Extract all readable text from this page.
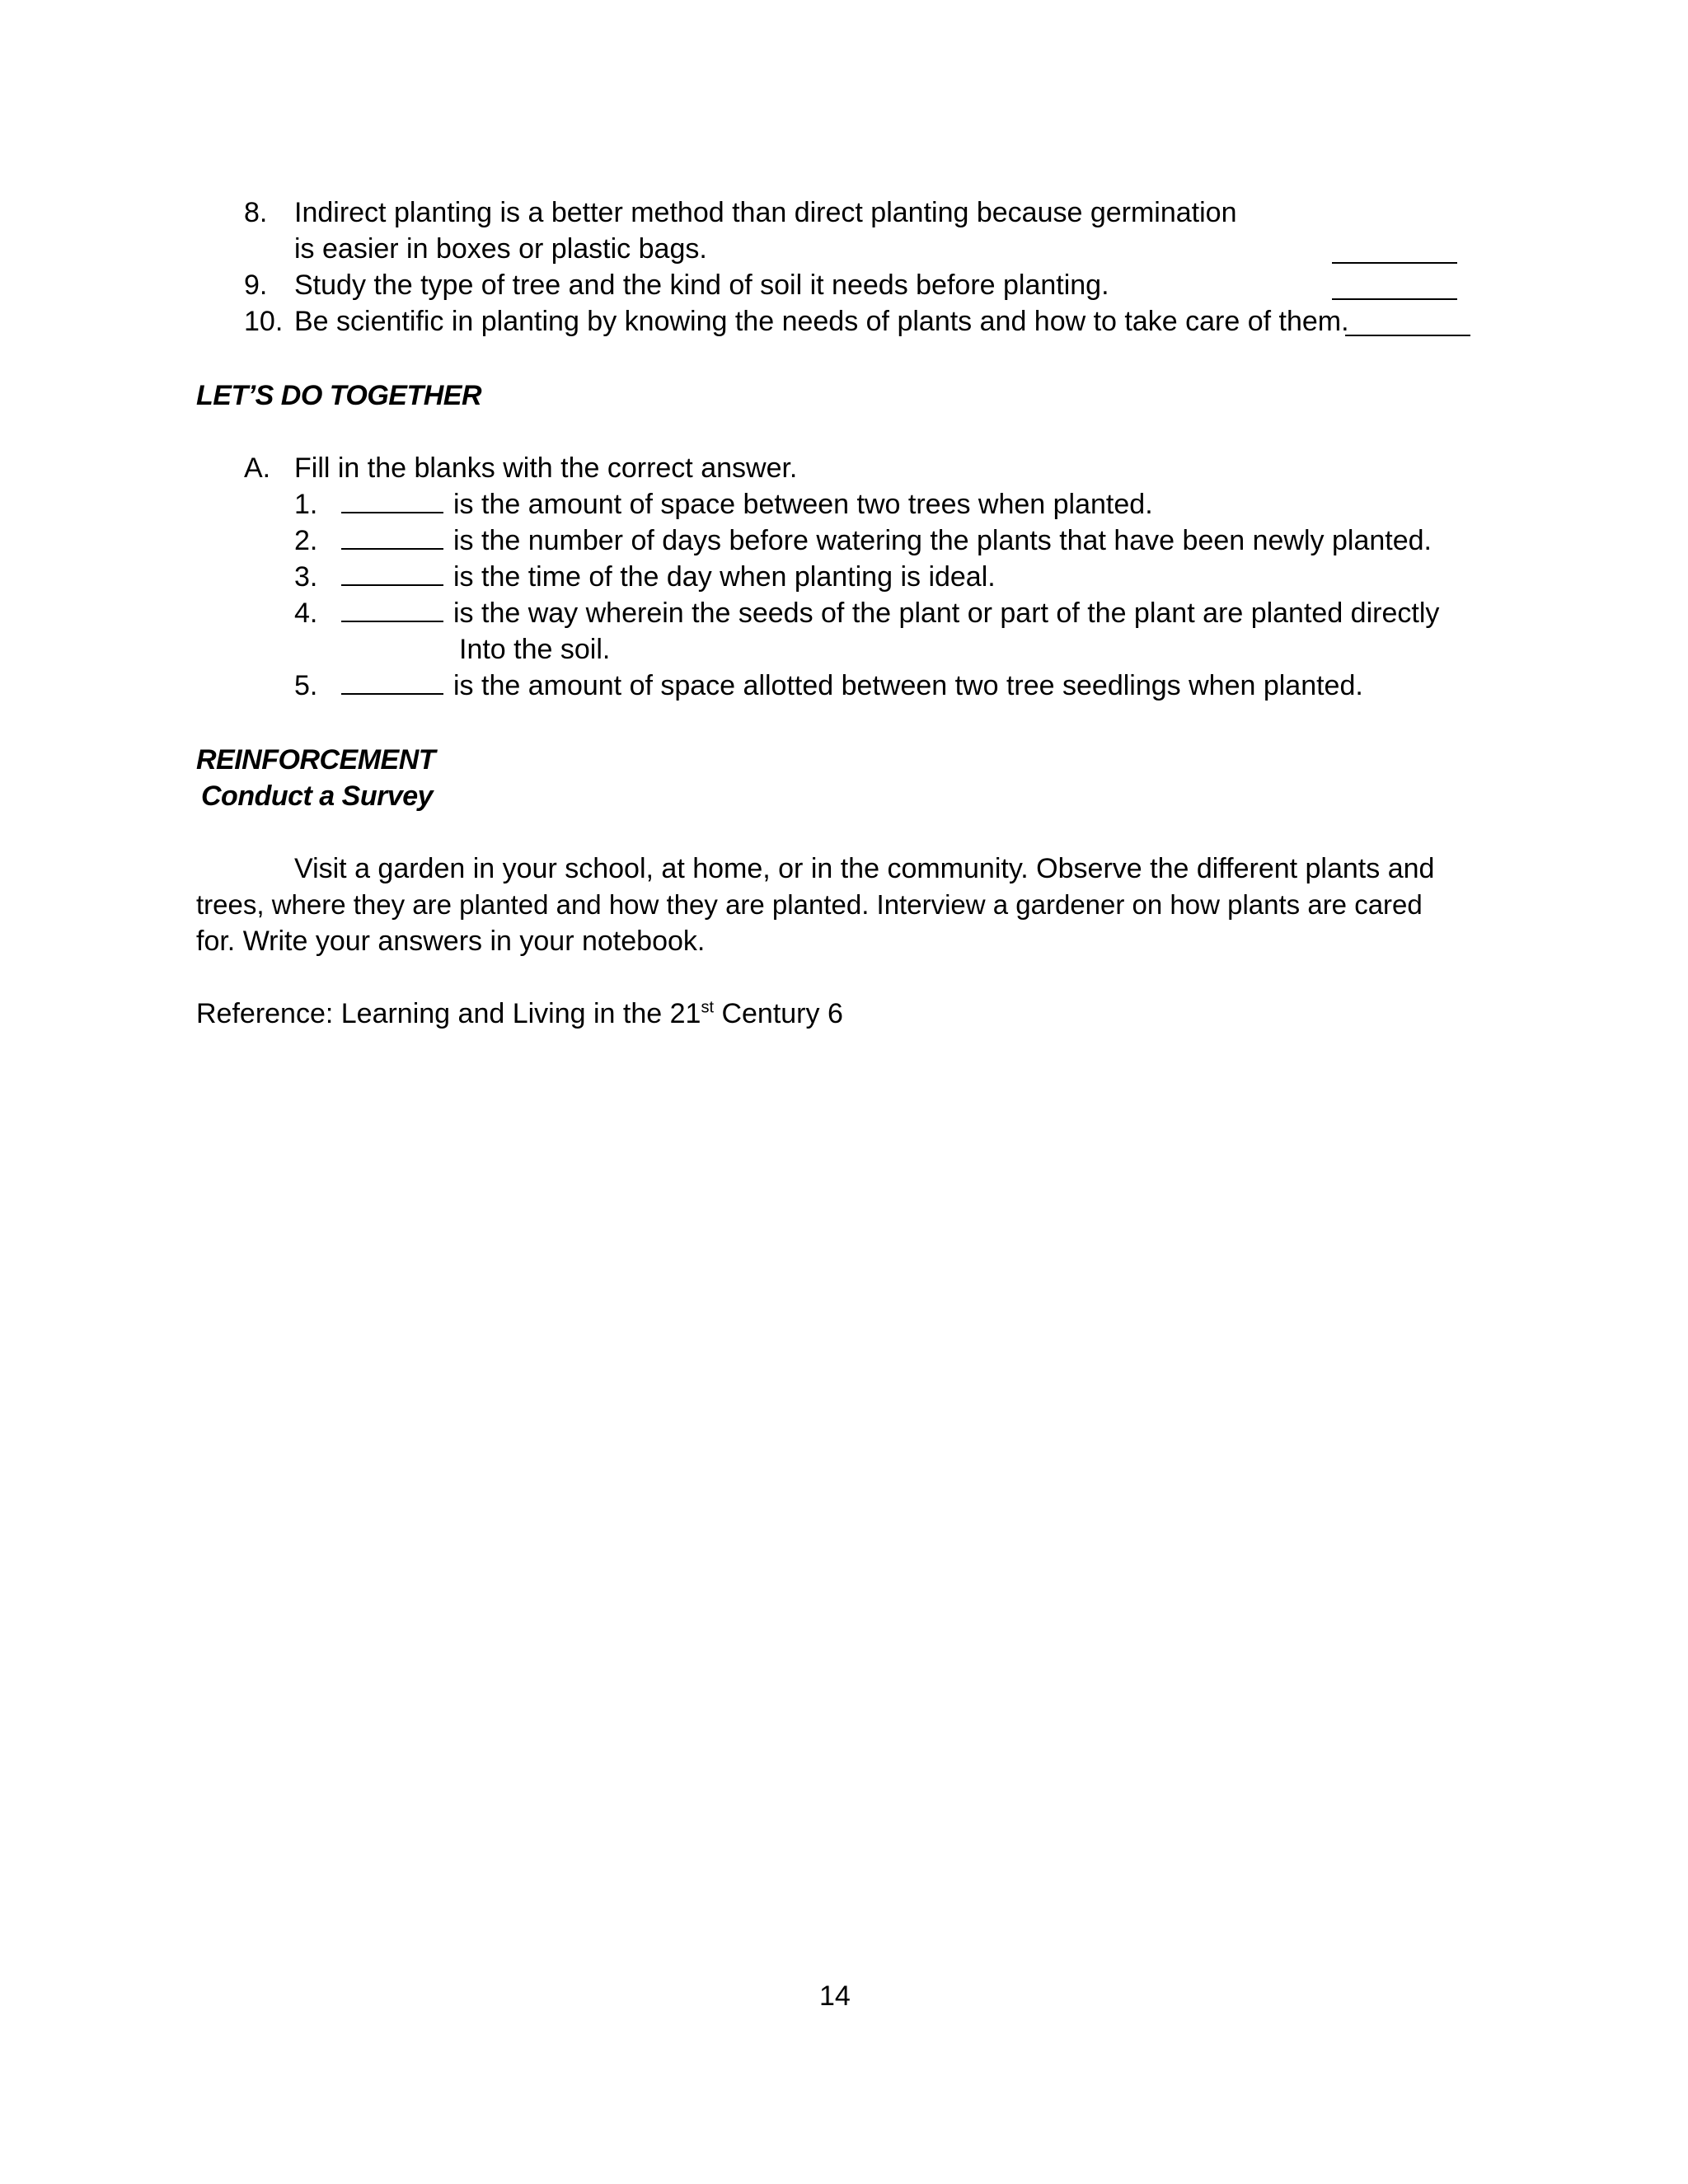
8. Indirect planting is a better method than direct planting because germination
is easier in boxes or plastic bags.
9. Study the type of tree and the kind of soil it needs before planting.
10. Be scientific in planting by knowing the needs of plants and how to take care of them.
LET’S DO TOGETHER
A. Fill in the blanks with the correct answer.
1.	is the amount of space between two trees when planted.
2.	is the number of days before watering the plants that have been newly planted.
3.	is the time of the day when planting is ideal.
4.	is the way wherein the seeds of the plant or part of the plant are planted directly
Into the soil.
5.	is the amount of space allotted between two tree seedlings when planted.
REINFORCEMENT
Conduct a Survey
Visit a garden in your school, at home, or in the community. Observe the different plants and
trees, where they are planted and how they are planted. Interview a gardener on how plants are cared
for. Write your answers in your notebook.
Reference: Learning and Living in the 21st Century 6
14
